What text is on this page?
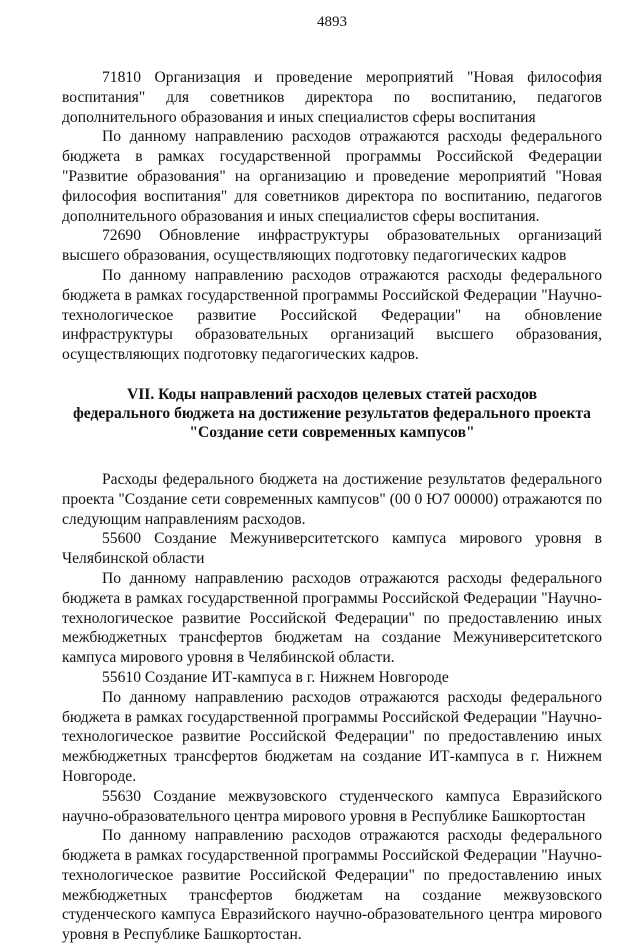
4893

71810 Организация и проведение мероприятий "Новая философия воспитания" для советников директора по воспитанию, педагогов дополнительного образования и иных специалистов сферы воспитания

По данному направлению расходов отражаются расходы федерального бюджета в рамках государственной программы Российской Федерации "Развитие образования" на организацию и проведение мероприятий "Новая философия воспитания" для советников директора по воспитанию, педагогов дополнительного образования и иных специалистов сферы воспитания.

72690 Обновление инфраструктуры образовательных организаций высшего образования, осуществляющих подготовку педагогических кадров

По данному направлению расходов отражаются расходы федерального бюджета в рамках государственной программы Российской Федерации "Научно-технологическое развитие Российской Федерации" на обновление инфраструктуры образовательных организаций высшего образования, осуществляющих подготовку педагогических кадров.

VII. Коды направлений расходов целевых статей расходов

федерального бюджета на достижение результатов федерального проекта

"Создание сети современных кампусов"

Расходы федерального бюджета на достижение результатов федерального проекта "Создание сети современных кампусов" (00 0 Ю7 00000) отражаются по следующим направлениям расходов.

55600 Создание Межуниверситетского кампуса мирового уровня в Челябинской области

По данному направлению расходов отражаются расходы федерального бюджета в рамках государственной программы Российской Федерации "Научно-технологическое развитие Российской Федерации" по предоставлению иных межбюджетных трансфертов бюджетам на создание Межуниверситетского кампуса мирового уровня в Челябинской области.

55610 Создание ИТ-кампуса в г. Нижнем Новгороде

По данному направлению расходов отражаются расходы федерального бюджета в рамках государственной программы Российской Федерации "Научно-технологическое развитие Российской Федерации" по предоставлению иных межбюджетных трансфертов бюджетам на создание ИТ-кампуса в г. Нижнем Новгороде.

55630 Создание межвузовского студенческого кампуса Евразийского научно-образовательного центра мирового уровня в Республике Башкортостан

По данному направлению расходов отражаются расходы федерального бюджета в рамках государственной программы Российской Федерации "Научно-технологическое развитие Российской Федерации" по предоставлению иных межбюджетных трансфертов бюджетам на создание межвузовского студенческого кампуса Евразийского научно-образовательного центра мирового уровня в Республике Башкортостан.
